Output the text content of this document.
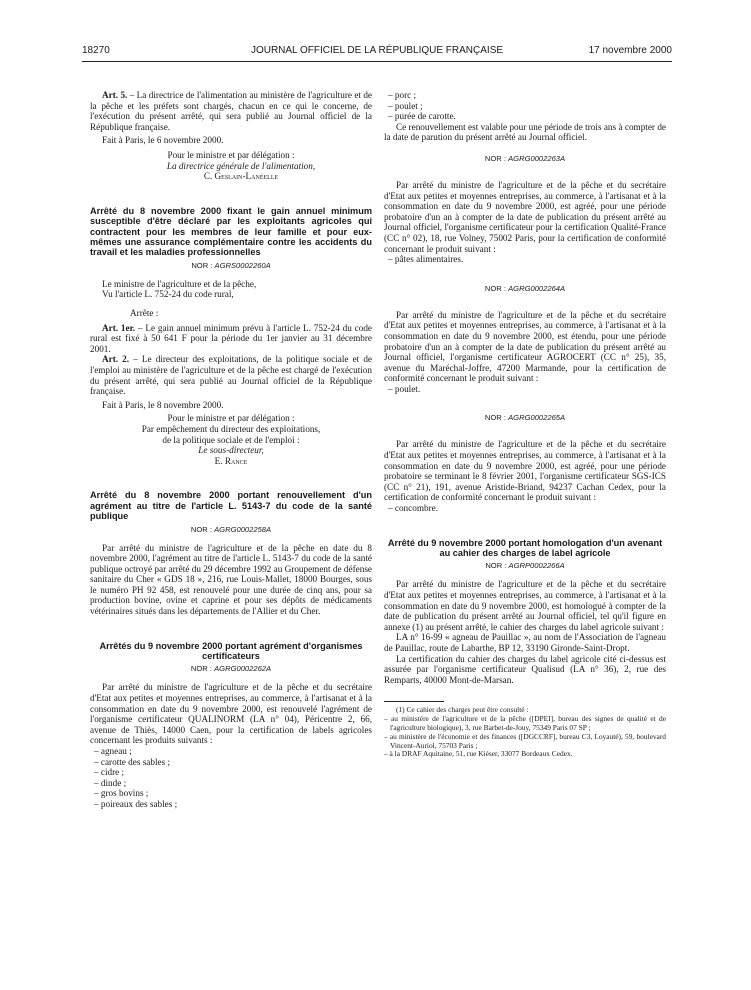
18270	JOURNAL OFFICIEL DE LA RÉPUBLIQUE FRANÇAISE	17 novembre 2000

Art. 5. – La directrice de l'alimentation au ministère de l'agriculture et de la pêche et les préfets sont chargés, chacun en ce qui le concerne, de l'exécution du présent arrêté, qui sera publié au Journal officiel de la République française.

Fait à Paris, le 6 novembre 2000.

Pour le ministre et par délégation :
La directrice générale de l'alimentation,
C. Geslain-Lanéelle
Arrêté du 8 novembre 2000 fixant le gain annuel minimum susceptible d'être déclaré par les exploitants agricoles qui contractent pour les membres de leur famille et pour eux-mêmes une assurance complémentaire contre les accidents du travail et les maladies professionnelles
NOR : AGRS0002260A

Le ministre de l'agriculture et de la pêche,

Vu l'article L. 752-24 du code rural,

Arrête :

Art. 1er. – Le gain annuel minimum prévu à l'article L. 752-24 du code rural est fixé à 50 641 F pour la période du 1er janvier au 31 décembre 2001.

Art. 2. – Le directeur des exploitations, de la politique sociale et de l'emploi au ministère de l'agriculture et de la pêche est chargé de l'exécution du présent arrêté, qui sera publié au Journal officiel de la République française.

Fait à Paris, le 8 novembre 2000.

Pour le ministre et par délégation :
Par empêchement du directeur des exploitations,
de la politique sociale et de l'emploi :
Le sous-directeur,
E. Rance
Arrêté du 8 novembre 2000 portant renouvellement d'un agrément au titre de l'article L. 5143-7 du code de la santé publique
NOR : AGRG0002258A

Par arrêté du ministre de l'agriculture et de la pêche en date du 8 novembre 2000, l'agrément au titre de l'article L. 5143-7 du code de la santé publique octroyé par arrêté du 29 décembre 1992 au Groupement de défense sanitaire du Cher « GDS 18 », 216, rue Louis-Mallet, 18000 Bourges, sous le numéro PH 92 458, est renouvelé pour une durée de cinq ans, pour sa production bovine, ovine et caprine et pour ses dépôts de médicaments vétérinaires situés dans les départements de l'Allier et du Cher.

Arrêtés du 9 novembre 2000 portant agrément d'organismes certificateurs
NOR : AGRG0002262A

Par arrêté du ministre de l'agriculture et de la pêche et du secrétaire d'Etat aux petites et moyennes entreprises, au commerce, à l'artisanat et à la consommation en date du 9 novembre 2000, est renouvelé l'agrément de l'organisme certificateur QUALINORM (LA n° 04), Péricentre 2, 66, avenue de Thiès, 14000 Caen, pour la certification de labels agricoles concernant les produits suivants :

– agneau ;
– carotte des sables ;
– cidre ;
– dinde ;
– gros bovins ;
– poireaux des sables ;
– porc ;
– poulet ;
– purée de carotte.

Ce renouvellement est valable pour une période de trois ans à compter de la date de parution du présent arrêté au Journal officiel.

NOR : AGRG0002263A

Par arrêté du ministre de l'agriculture et de la pêche et du secrétaire d'Etat aux petites et moyennes entreprises, au commerce, à l'artisanat et à la consommation en date du 9 novembre 2000, est agréé, pour une période probatoire d'un an à compter de la date de publication du présent arrêté au Journal officiel, l'organisme certificateur pour la certification Qualité-France (CC n° 02), 18, rue Volney, 75002 Paris, pour la certification de conformité concernant le produit suivant :

– pâtes alimentaires.
NOR : AGRG0002264A

Par arrêté du ministre de l'agriculture et de la pêche et du secrétaire d'Etat aux petites et moyennes entreprises, au commerce, à l'artisanat et à la consommation en date du 9 novembre 2000, est étendu, pour une période probatoire d'un an à compter de la date de publication du présent arrêté au Journal officiel, l'organisme certificateur AGROCERT (CC n° 25), 35, avenue du Maréchal-Joffre, 47200 Marmande, pour la certification de conformité concernant le produit suivant :

– poulet.
NOR : AGRG0002265A

Par arrêté du ministre de l'agriculture et de la pêche et du secrétaire d'Etat aux petites et moyennes entreprises, au commerce, à l'artisanat et à la consommation en date du 9 novembre 2000, est agréé, pour une période probatoire se terminant le 8 février 2001, l'organisme certificateur SGS-ICS (CC n° 21), 191, avenue Aristide-Briand, 94237 Cachan Cedex, pour la certification de conformité concernant le produit suivant :

– concombre.
Arrêté du 9 novembre 2000 portant homologation d'un avenant au cahier des charges de label agricole
NOR : AGRP0002266A

Par arrêté du ministre de l'agriculture et de la pêche et du secrétaire d'Etat aux petites et moyennes entreprises, au commerce, à l'artisanat et à la consommation en date du 9 novembre 2000, est homologué à compter de la date de publication du présent arrêté au Journal officiel, tel qu'il figure en annexe (1) au présent arrêté, le cahier des charges du label agricole suivant :

LA n° 16-99 « agneau de Pauillac », au nom de l'Association de l'agneau de Pauillac, route de Labarthe, BP 12, 33190 Gironde-Saint-Dropt.

La certification du cahier des charges du label agricole cité ci-dessus est assurée par l'organisme certificateur Qualisud (LA n° 36), 2, rue des Remparts, 40000 Mont-de-Marsan.

(1) Ce cahier des charges peut être consulté :

– au ministère de l'agriculture et de la pêche ([DPEI], bureau des signes de qualité et de l'agriculture biologique), 3, rue Barbet-de-Jouy, 75349 Paris 07 SP ;

– au ministère de l'économie et des finances ([DGCCRF], bureau C3, Loyauté), 59, boulevard Vincent-Auriol, 75703 Paris ;

– à la DRAF Aquitaine, 51, rue Kiéser, 33077 Bordeaux Cedex.
